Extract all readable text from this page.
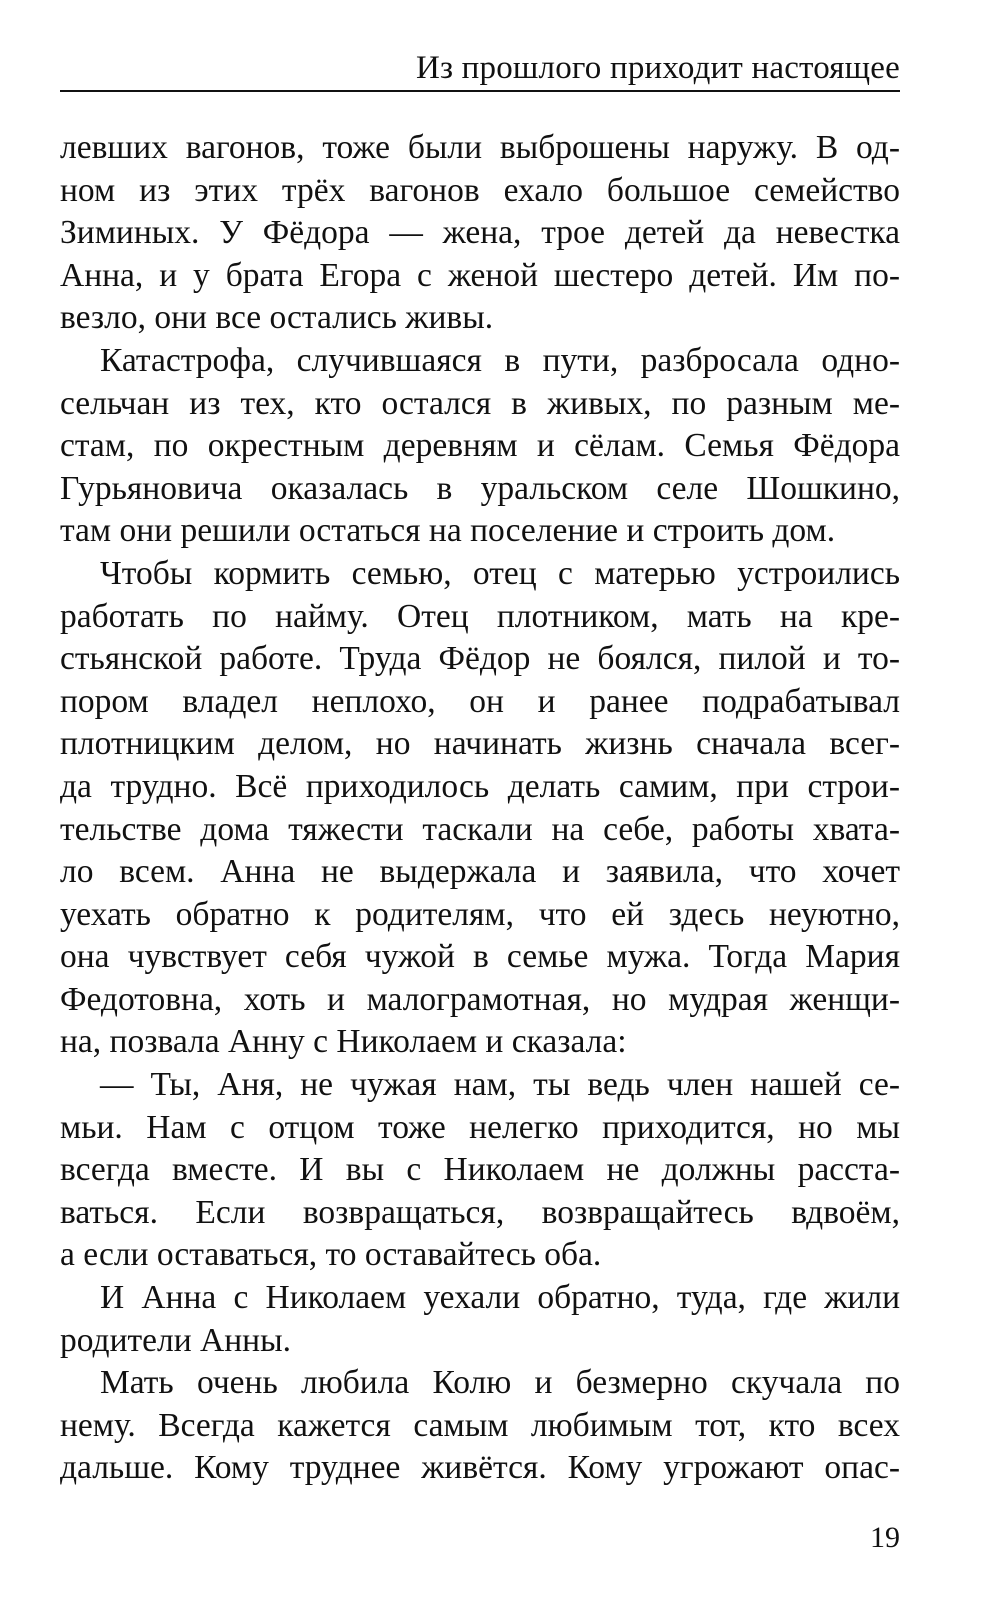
Из прошлого приходит настоящее
левших вагонов, тоже были выброшены наружу. В од-
ном из этих трёх вагонов ехало большое семейство
Зиминых. У Фёдора — жена, трое детей да невестка
Анна, и у брата Егора с женой шестеро детей. Им по-
везло, они все остались живы.
Катастрофа, случившаяся в пути, разбросала одно-
сельчан из тех, кто остался в живых, по разным ме-
стам, по окрестным деревням и сёлам. Семья Фёдора
Гурьяновича оказалась в уральском селе Шошкино,
там они решили остаться на поселение и строить дом.
Чтобы кормить семью, отец с матерью устроились
работать по найму. Отец плотником, мать на кре-
стьянской работе. Труда Фёдор не боялся, пилой и то-
пором владел неплохо, он и ранее подрабатывал
плотницким делом, но начинать жизнь сначала всег-
да трудно. Всё приходилось делать самим, при строи-
тельстве дома тяжести таскали на себе, работы хвата-
ло всем. Анна не выдержала и заявила, что хочет
уехать обратно к родителям, что ей здесь неуютно,
она чувствует себя чужой в семье мужа. Тогда Мария
Федотовна, хоть и малограмотная, но мудрая женщи-
на, позвала Анну с Николаем и сказала:
— Ты, Аня, не чужая нам, ты ведь член нашей се-
мьи. Нам с отцом тоже нелегко приходится, но мы
всегда вместе. И вы с Николаем не должны расста-
ваться. Если возвращаться, возвращайтесь вдвоём,
а если оставаться, то оставайтесь оба.
И Анна с Николаем уехали обратно, туда, где жили
родители Анны.
Мать очень любила Колю и безмерно скучала по
нему. Всегда кажется самым любимым тот, кто всех
дальше. Кому труднее живётся. Кому угрожают опас-
19
